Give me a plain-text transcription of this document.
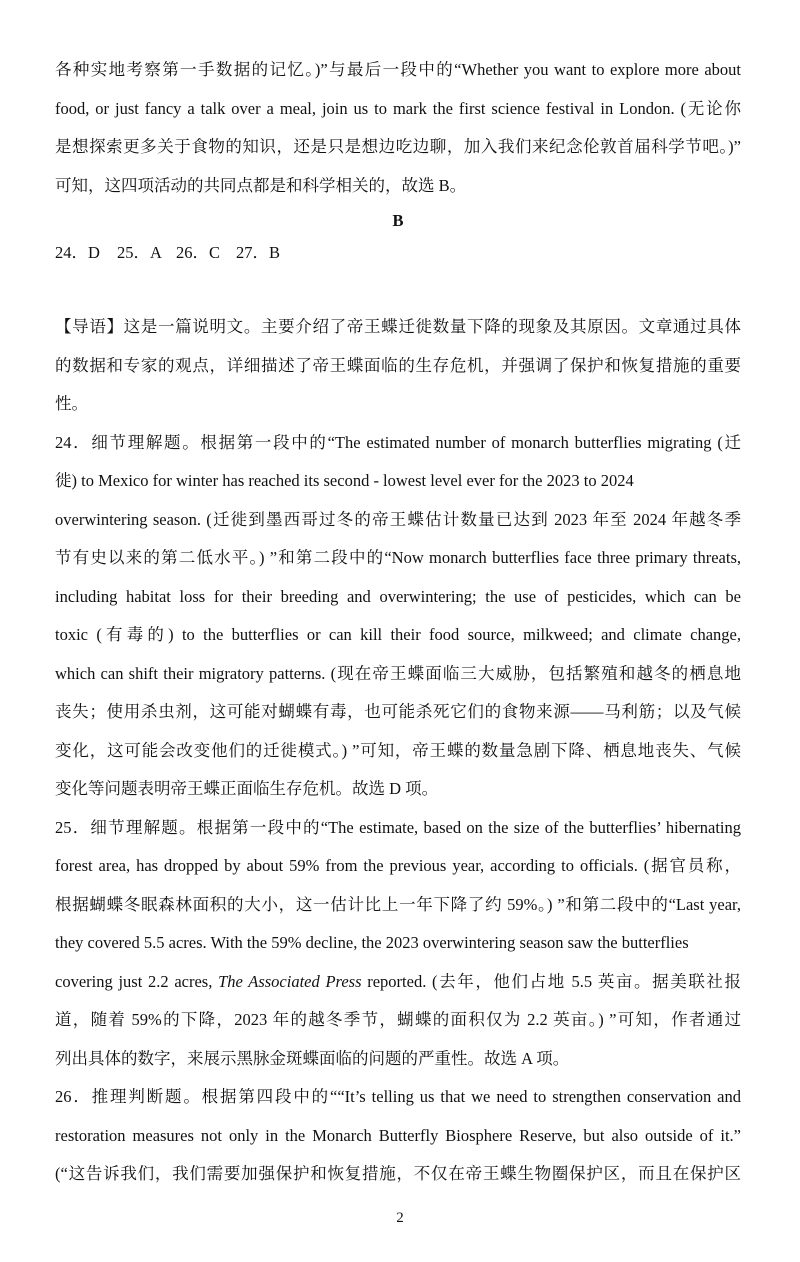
各种实地考察第一手数据的记忆。)”与最后一段中的“Whether you want to explore more about
food, or just fancy a talk over a meal, join us to mark the first science festival in London. (无论你
是想探索更多关于食物的知识，还是只是想边吃边聊，加入我们来纪念伦敦首届科学节吧。)”
可知，这四项活动的共同点都是和科学相关的，故选 B。
B
24．D	25．A 26．C 27．B
【导语】这是一篇说明文。主要介绍了帝王蝶迁徙数量下降的现象及其原因。文章通过具体
的数据和专家的观点，详细描述了帝王蝶面临的生存危机，并强调了保护和恢复措施的重要
性。
24．细节理解题。根据第一段中的“The estimated number of monarch butterflies migrating (迁
徙) to Mexico for winter has reached its second - lowest level ever for the 2023 to 2024
overwintering season. (迁徙到墨西哥过冬的帝王蝶估计数量已达到 2023 年至 2024 年越冬季
节有史以来的第二低水平。) ”和第二段中的“Now monarch butterflies face three primary threats,
including habitat loss for their breeding and overwintering; the use of pesticides, which can be
toxic (有毒的) to the butterflies or can kill their food source, milkweed; and climate change,
which can shift their migratory patterns. (现在帝王蝶面临三大威胁，包括繁殖和越冬的栖息地
丧失；使用杀虫剂，这可能对蝴蝶有毒，也可能杀死它们的食物来源——马利筋；以及气候
变化，这可能会改变他们的迁徙模式。) ”可知，帝王蝶的数量急剧下降、栖息地丧失、气候
变化等问题表明帝王蝶正面临生存危机。故选 D 项。
25．细节理解题。根据第一段中的“The estimate, based on the size of the butterflies’ hibernating
forest area, has dropped by about 59% from the previous year, according to officials. (据官员称，
根据蝴蝶冬眠森林面积的大小，这一估计比上一年下降了约 59%。) ”和第二段中的“Last year,
they covered 5.5 acres. With the 59% decline, the 2023 overwintering season saw the butterflies
covering just 2.2 acres, The Associated Press reported. (去年，他们占地 5.5 英亩。据美联社报
道，随着 59%的下降，2023 年的越冬季节，蝴蝶的面积仅为 2.2 英亩。) ”可知，作者通过
列出具体的数字，来展示黑脉金斑蝶面临的问题的严重性。故选 A 项。
26．推理判断题。根据第四段中的““It’s telling us that we need to strengthen conservation and
restoration measures not only in the Monarch Butterfly Biosphere Reserve, but also outside of it.”
(“这告诉我们，我们需要加强保护和恢复措施，不仅在帝王蝶生物圈保护区，而且在保护区
2
